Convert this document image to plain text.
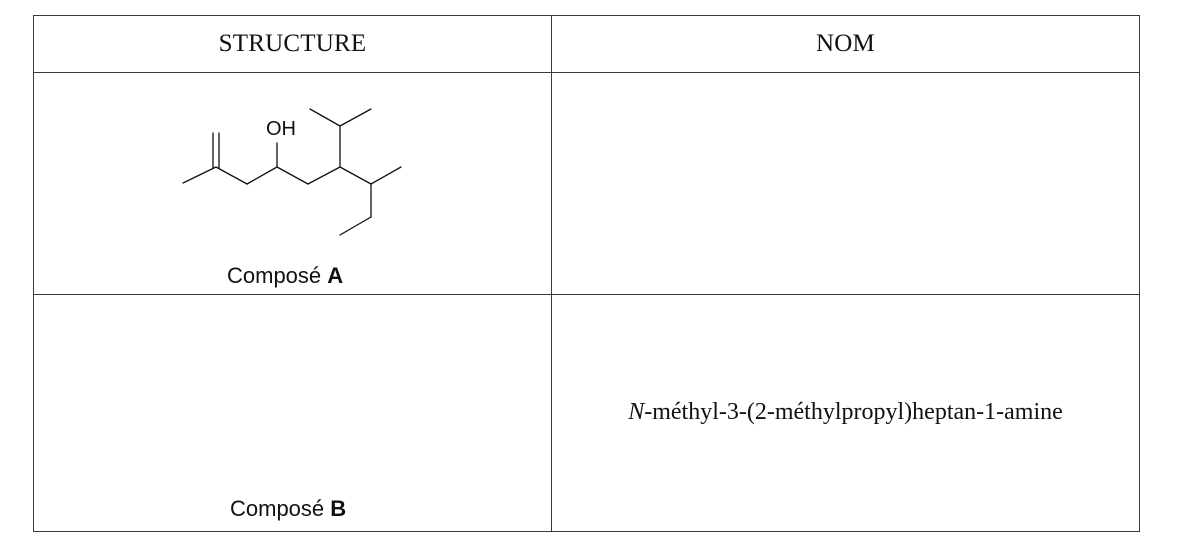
STRUCTURE	NOM
OH
Composé A
Composé B
N-méthyl-3-(2-méthylpropyl)heptan-1-amine
